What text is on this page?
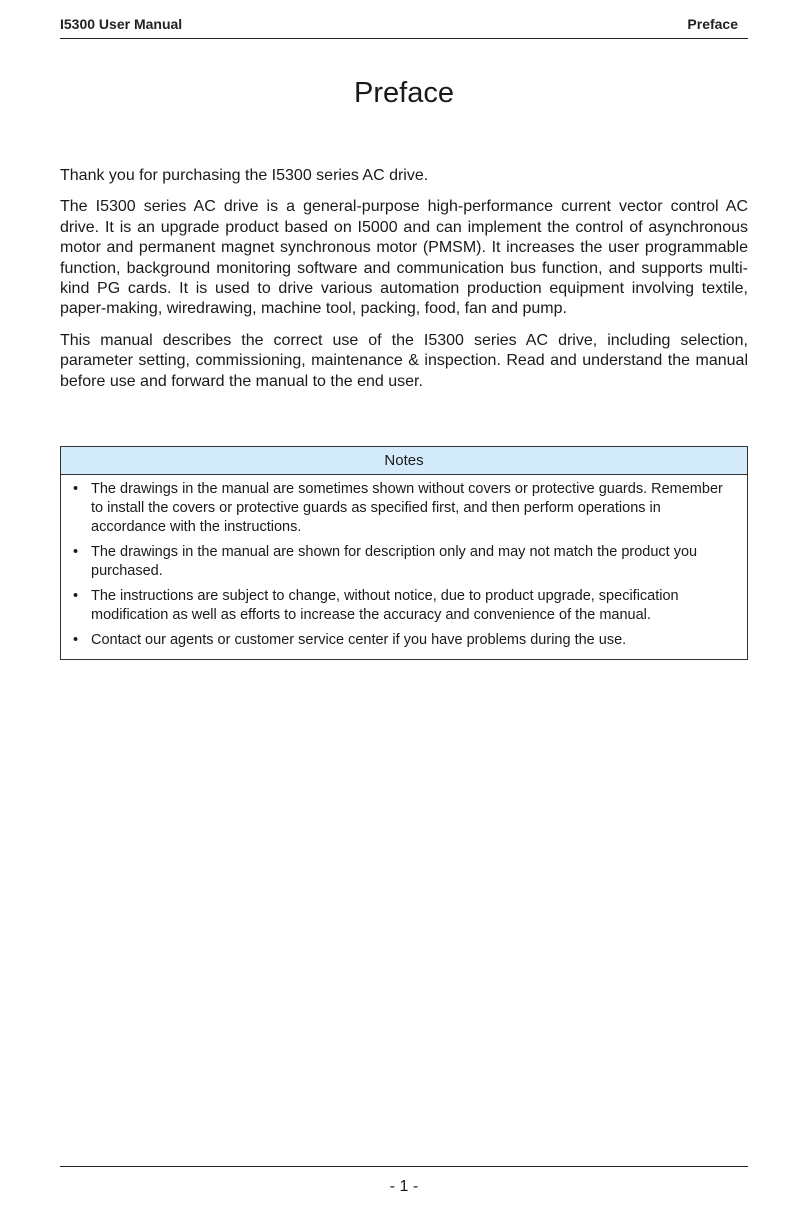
I5300 User Manual	Preface
Preface

Thank you for purchasing the I5300 series AC drive.

The I5300 series AC drive is a general-purpose high-performance current vector control AC drive. It is an upgrade product based on I5000 and can implement the control of asynchronous motor and permanent magnet synchronous motor (PMSM). It increases the user programmable function, background monitoring software and communication bus function, and supports multi-kind PG cards. It is used to drive various automation production equipment involving textile, paper-making, wiredrawing, machine tool, packing, food, fan and pump.

This manual describes the correct use of the I5300 series AC drive, including selection, parameter setting, commissioning, maintenance & inspection. Read and understand the manual before use and forward the manual to the end user.

Notes
• The drawings in the manual are sometimes shown without covers or protective guards. Remember to install the covers or protective guards as specified first, and then perform operations in accordance with the instructions.
• The drawings in the manual are shown for description only and may not match the product you purchased.
• The instructions are subject to change, without notice, due to product upgrade, specification modification as well as efforts to increase the accuracy and convenience of the manual.
• Contact our agents or customer service center if you have problems during the use.
- 1 -
